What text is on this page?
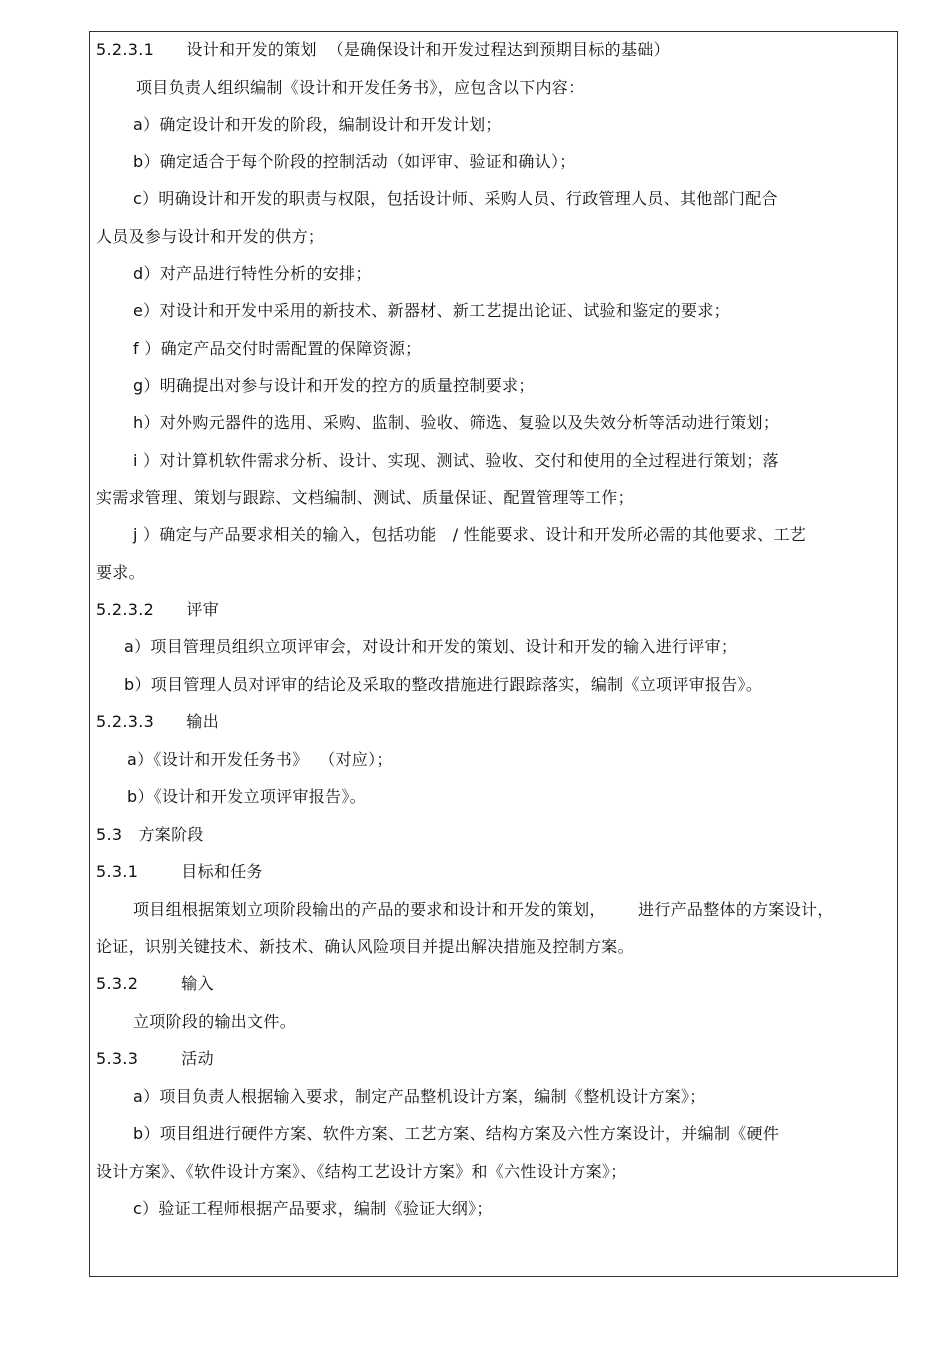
5.2.3.1      设计和开发的策划  （是确保设计和开发过程达到预期目标的基础）
项目负责人组织编制《设计和开发任务书》，应包含以下内容：
a）确定设计和开发的阶段，编制设计和开发计划；
b）确定适合于每个阶段的控制活动（如评审、验证和确认）；
c）明确设计和开发的职责与权限，包括设计师、采购人员、行政管理人员、其他部门配合
人员及参与设计和开发的供方；
d）对产品进行特性分析的安排；
e）对设计和开发中采用的新技术、新器材、新工艺提出论证、试验和鉴定的要求；
f ）确定产品交付时需配置的保障资源；
g）明确提出对参与设计和开发的控方的质量控制要求；
h）对外购元器件的选用、采购、监制、验收、筛选、复验以及失效分析等活动进行策划；
i ）对计算机软件需求分析、设计、实现、测试、验收、交付和使用的全过程进行策划；落
实需求管理、策划与跟踪、文档编制、测试、质量保证、配置管理等工作；
j ）确定与产品要求相关的输入，包括功能   / 性能要求、设计和开发所必需的其他要求、工艺
要求。
5.2.3.2      评审
a）项目管理员组织立项评审会，对设计和开发的策划、设计和开发的输入进行评审；
b）项目管理人员对评审的结论及采取的整改措施进行跟踪落实，编制《立项评审报告》。
5.2.3.3      输出
a）《设计和开发任务书》  （对应）；
b）《设计和开发立项评审报告》。
5.3   方案阶段
5.3.1        目标和任务
项目组根据策划立项阶段输出的产品的要求和设计和开发的策划，      进行产品整体的方案设计，
论证，识别关键技术、新技术、确认风险项目并提出解决措施及控制方案。
5.3.2        输入
立项阶段的输出文件。
5.3.3        活动
a）项目负责人根据输入要求，制定产品整机设计方案，编制《整机设计方案》；
b）项目组进行硬件方案、软件方案、工艺方案、结构方案及六性方案设计，并编制《硬件
设计方案》、《软件设计方案》、《结构工艺设计方案》和《六性设计方案》；
c）验证工程师根据产品要求，编制《验证大纲》；
